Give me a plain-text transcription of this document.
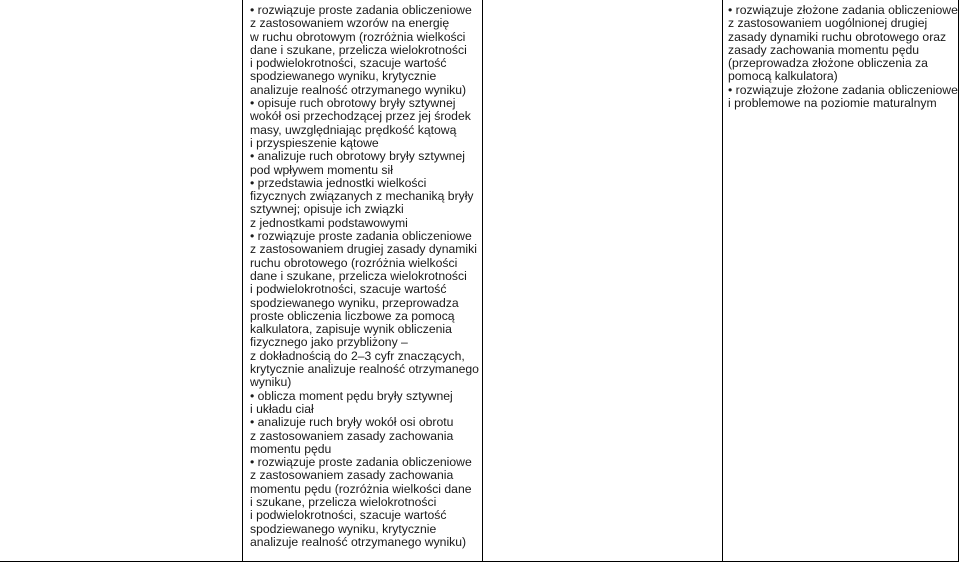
• rozwiązuje proste zadania obliczeniowe
z zastosowaniem wzorów na energię
w ruchu obrotowym (rozróżnia wielkości
dane i szukane, przelicza wielokrotności
i podwielokrotności, szacuje wartość
spodziewanego wyniku, krytycznie
analizuje realność otrzymanego wyniku)
• opisuje ruch obrotowy bryły sztywnej
wokół osi przechodzącej przez jej środek
masy, uwzględniając prędkość kątową
i przyspieszenie kątowe
• analizuje ruch obrotowy bryły sztywnej
pod wpływem momentu sił
• przedstawia jednostki wielkości
fizycznych związanych z mechaniką bryły
sztywnej; opisuje ich związki
z jednostkami podstawowymi
• rozwiązuje proste zadania obliczeniowe
z zastosowaniem drugiej zasady dynamiki
ruchu obrotowego (rozróżnia wielkości
dane i szukane, przelicza wielokrotności
i podwielokrotności, szacuje wartość
spodziewanego wyniku, przeprowadza
proste obliczenia liczbowe za pomocą
kalkulatora, zapisuje wynik obliczenia
fizycznego jako przybliżony –
z dokładnością do 2–3 cyfr znaczących,
krytycznie analizuje realność otrzymanego
wyniku)
• oblicza moment pędu bryły sztywnej
i układu ciał
• analizuje ruch bryły wokół osi obrotu
z zastosowaniem zasady zachowania
momentu pędu
• rozwiązuje proste zadania obliczeniowe
z zastosowaniem zasady zachowania
momentu pędu (rozróżnia wielkości dane
i szukane, przelicza wielokrotności
i podwielokrotności, szacuje wartość
spodziewanego wyniku, krytycznie
analizuje realność otrzymanego wyniku)
• rozwiązuje złożone zadania obliczeniowe
z zastosowaniem uogólnionej drugiej
zasady dynamiki ruchu obrotowego oraz
zasady zachowania momentu pędu
(przeprowadza złożone obliczenia za
pomocą kalkulatora)
• rozwiązuje złożone zadania obliczeniowe
i problemowe na poziomie maturalnym
